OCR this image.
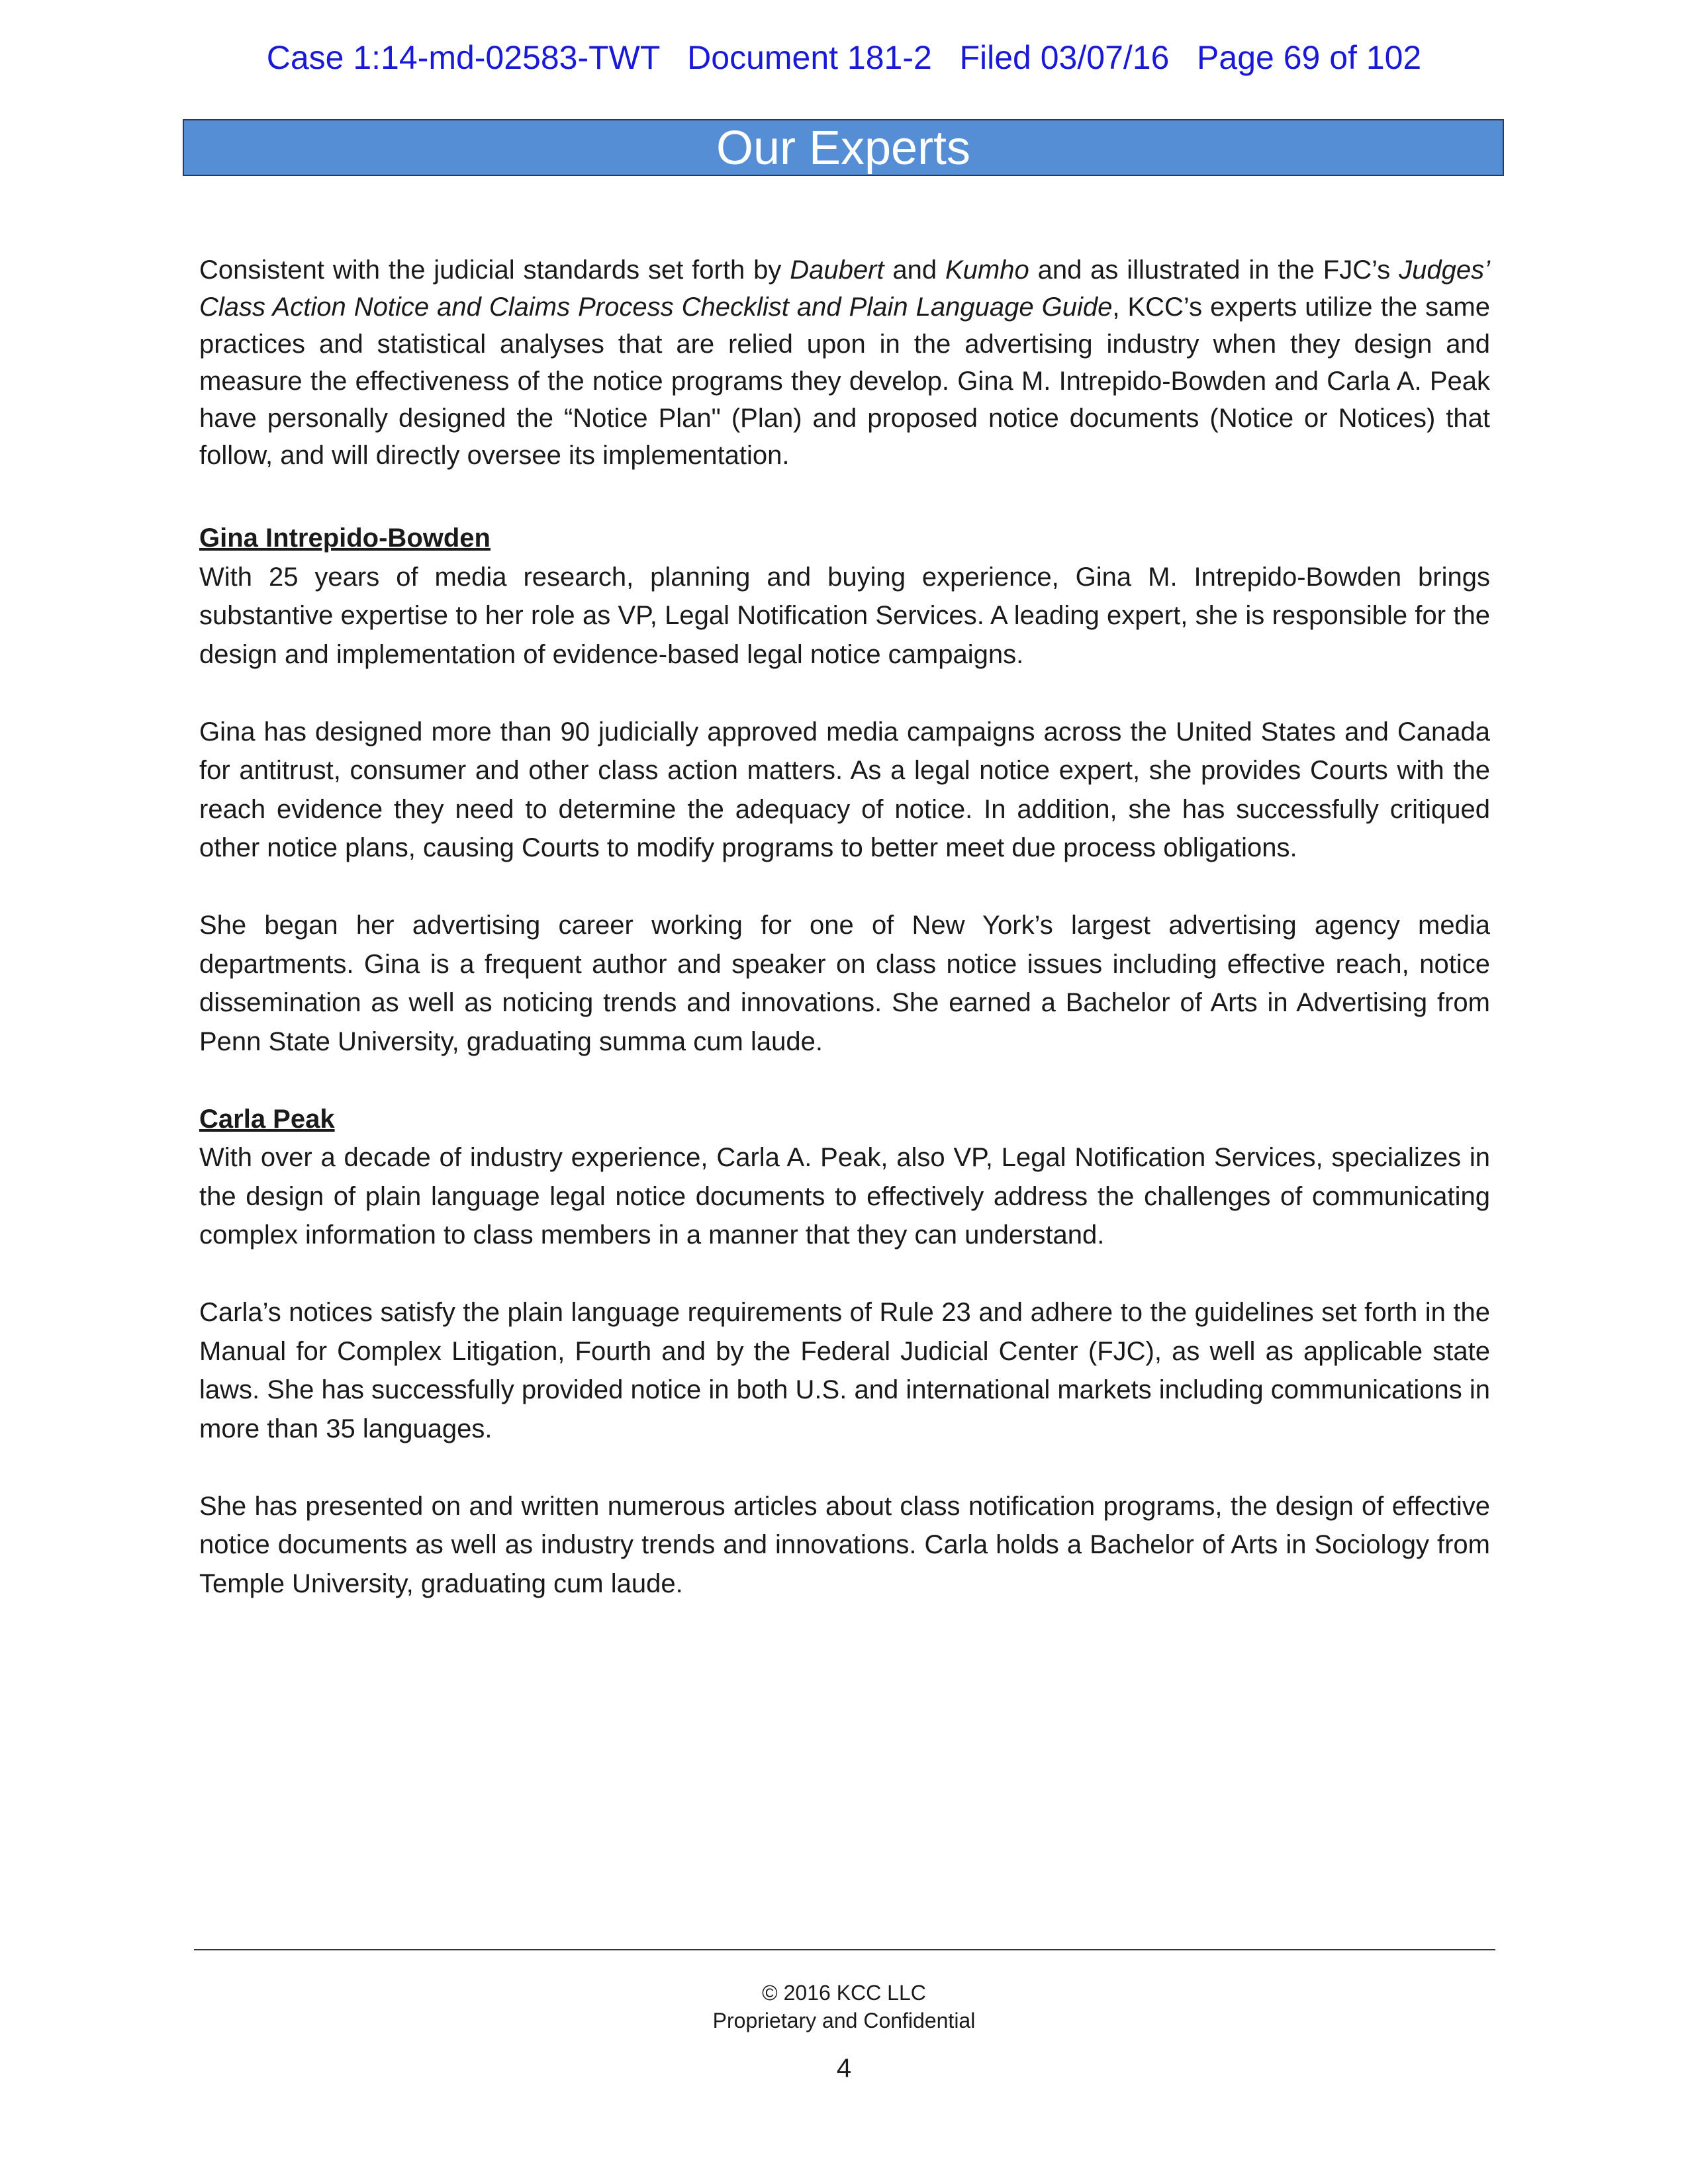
Case 1:14-md-02583-TWT   Document 181-2   Filed 03/07/16   Page 69 of 102
Our Experts

Consistent with the judicial standards set forth by Daubert and Kumho and as illustrated in the FJC’s Judges’ Class Action Notice and Claims Process Checklist and Plain Language Guide, KCC’s experts utilize the same practices and statistical analyses that are relied upon in the advertising industry when they design and measure the effectiveness of the notice programs they develop. Gina M. Intrepido-Bowden and Carla A. Peak have personally designed the “Notice Plan" (Plan) and proposed notice documents (Notice or Notices) that follow, and will directly oversee its implementation.

Gina Intrepido-Bowden
With 25 years of media research, planning and buying experience, Gina M. Intrepido-Bowden brings substantive expertise to her role as VP, Legal Notification Services. A leading expert, she is responsible for the design and implementation of evidence-based legal notice campaigns.

Gina has designed more than 90 judicially approved media campaigns across the United States and Canada for antitrust, consumer and other class action matters. As a legal notice expert, she provides Courts with the reach evidence they need to determine the adequacy of notice. In addition, she has successfully critiqued other notice plans, causing Courts to modify programs to better meet due process obligations.

She began her advertising career working for one of New York’s largest advertising agency media departments. Gina is a frequent author and speaker on class notice issues including effective reach, notice dissemination as well as noticing trends and innovations. She earned a Bachelor of Arts in Advertising from Penn State University, graduating summa cum laude.

Carla Peak
With over a decade of industry experience, Carla A. Peak, also VP, Legal Notification Services, specializes in the design of plain language legal notice documents to effectively address the challenges of communicating complex information to class members in a manner that they can understand.

Carla’s notices satisfy the plain language requirements of Rule 23 and adhere to the guidelines set forth in the Manual for Complex Litigation, Fourth and by the Federal Judicial Center (FJC), as well as applicable state laws. She has successfully provided notice in both U.S. and international markets including communications in more than 35 languages.

She has presented on and written numerous articles about class notification programs, the design of effective notice documents as well as industry trends and innovations. Carla holds a Bachelor of Arts in Sociology from Temple University, graduating cum laude.

© 2016 KCC LLC
Proprietary and Confidential
4
